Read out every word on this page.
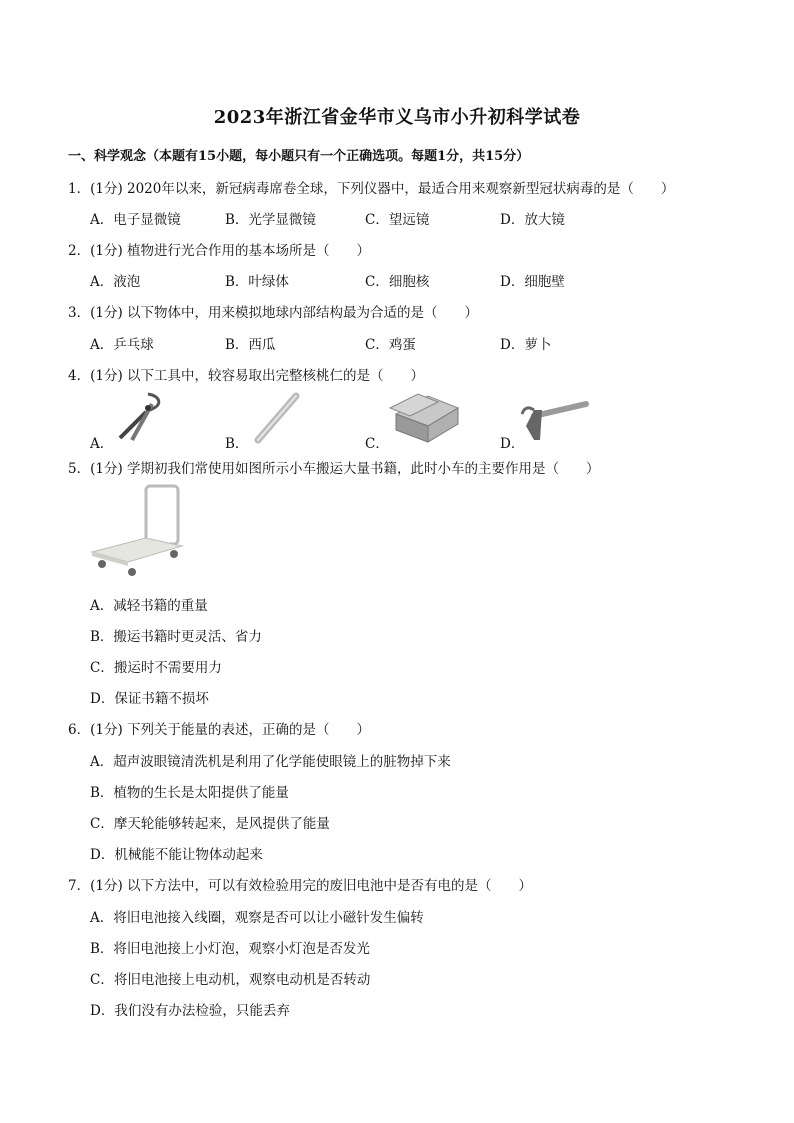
2023年浙江省金华市义乌市小升初科学试卷
一、科学观念（本题有15小题，每小题只有一个正确选项。每题1分，共15分）
1．(1分) 2020年以来，新冠病毒席卷全球，下列仪器中，最适合用来观察新型冠状病毒的是（　　）
A．电子显微镜	B．光学显微镜	C．望远镜	D．放大镜
2．(1分) 植物进行光合作用的基本场所是（　　）
A．液泡	B．叶绿体	C．细胞核	D．细胞壁
3．(1分) 以下物体中，用来模拟地球内部结构最为合适的是（　　）
A．乒乓球	B．西瓜	C．鸡蛋	D．萝卜
4．(1分) 以下工具中，较容易取出完整核桃仁的是（　　）
A．	B．	C．	D．
5．(1分) 学期初我们常使用如图所示小车搬运大量书籍，此时小车的主要作用是（　　）
A．减轻书籍的重量
B．搬运书籍时更灵活、省力
C．搬运时不需要用力
D．保证书籍不损坏
6．(1分) 下列关于能量的表述，正确的是（　　）
A．超声波眼镜清洗机是利用了化学能使眼镜上的脏物掉下来
B．植物的生长是太阳提供了能量
C．摩天轮能够转起来，是风提供了能量
D．机械能不能让物体动起来
7．(1分) 以下方法中，可以有效检验用完的废旧电池中是否有电的是（　　）
A．将旧电池接入线圈，观察是否可以让小磁针发生偏转
B．将旧电池接上小灯泡，观察小灯泡是否发光
C．将旧电池接上电动机，观察电动机是否转动
D．我们没有办法检验，只能丢弃
